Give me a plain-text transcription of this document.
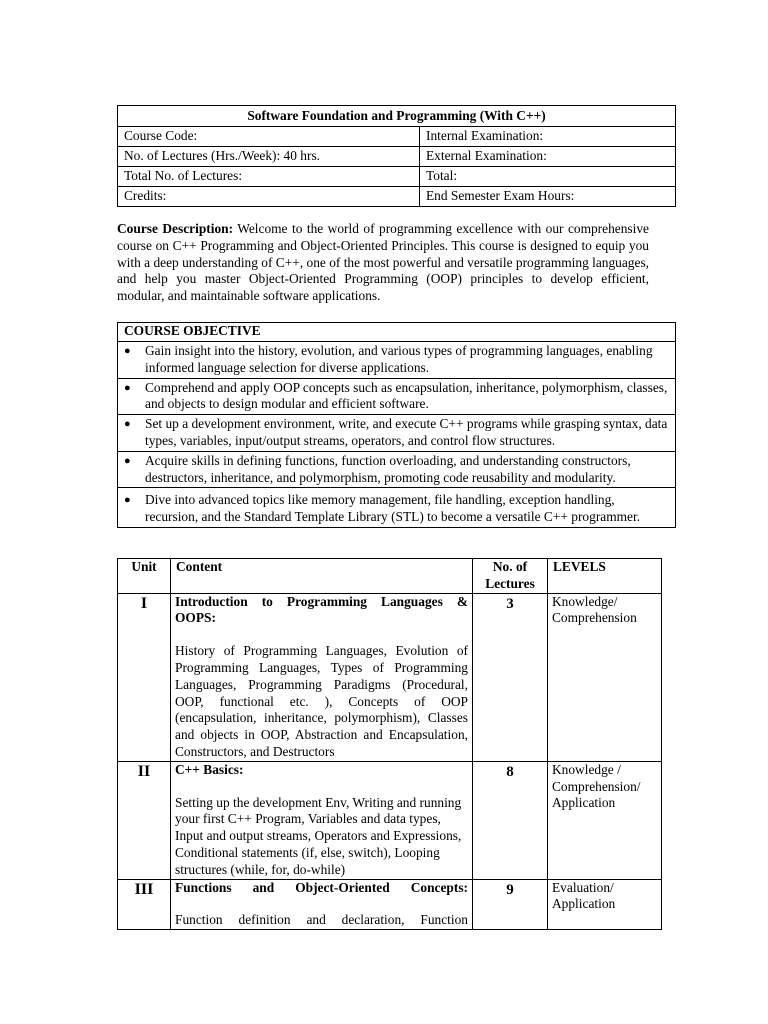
Software Foundation and Programming (With C++)	
Course Code:	Internal Examination:
No. of Lectures (Hrs./Week): 40 hrs.	External Examination:
Total No. of Lectures:	Total:
Credits:	End Semester Exam Hours:
Course Description: Welcome to the world of programming excellence with our comprehensive course on C++ Programming and Object-Oriented Principles. This course is designed to equip you with a deep understanding of C++, one of the most powerful and versatile programming languages, and help you master Object-Oriented Programming (OOP) principles to develop efficient, modular, and maintainable software applications.
COURSE OBJECTIVE

●	Gain insight into the history, evolution, and various types of programming languages, enabling informed language selection for diverse applications.

●	Comprehend and apply OOP concepts such as encapsulation, inheritance, polymorphism, classes, and objects to design modular and efficient software.

●	Set up a development environment, write, and execute C++ programs while grasping syntax, data types, variables, input/output streams, operators, and control flow structures.

●	Acquire skills in defining functions, function overloading, and understanding constructors, destructors, inheritance, and polymorphism, promoting code reusability and modularity.

●	Dive into advanced topics like memory management, file handling, exception handling, recursion, and the Standard Template Library (STL) to become a versatile C++ programmer.
Unit	Content	No. of Lectures	LEVELS
I	Introduction to Programming Languages & OOPS:
History of Programming Languages, Evolution of Programming Languages, Types of Programming Languages, Programming Paradigms (Procedural, OOP, functional etc. ), Concepts of OOP (encapsulation, inheritance, polymorphism), Classes and objects in OOP, Abstraction and Encapsulation, Constructors, and Destructors	3	Knowledge/ Comprehension
II	C++ Basics:
Setting up the development Env, Writing and running your first C++ Program, Variables and data types, Input and output streams, Operators and Expressions, Conditional statements (if, else, switch), Looping structures (while, for, do-while)	8	Knowledge / Comprehension/ Application
III	Functions and Object-Oriented Concepts:
Function definition and declaration, Function	9	Evaluation/ Application
